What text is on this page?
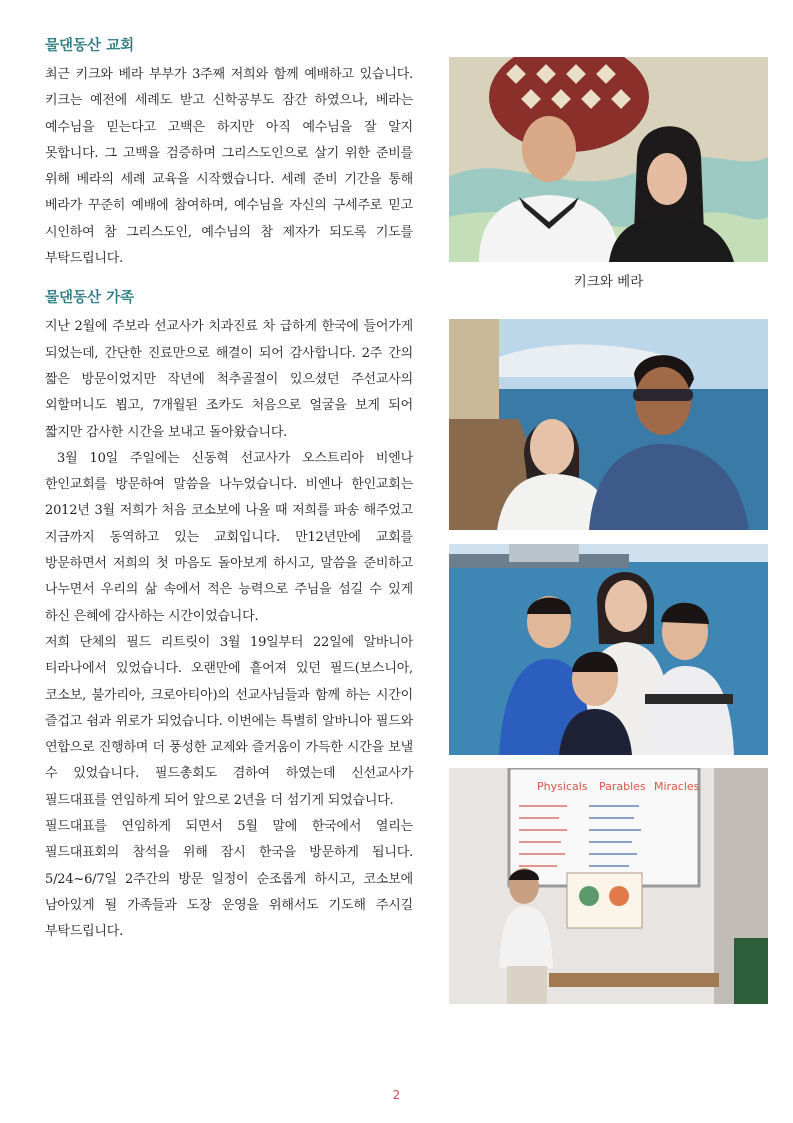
물댄동산 교회

최근 키크와 베라 부부가 3주째 저희와 함께 예배하고 있습니다. 키크는 예전에 세례도 받고 신학공부도 잠간 하였으나, 베라는 예수님을 믿는다고 고백은 하지만 아직 예수님을 잘 알지 못합니다. 그 고백을 검증하며 그리스도인으로 살기 위한 준비를 위해 베라의 세례 교육을 시작했습니다. 세례 준비 기간을 통해 베라가 꾸준히 예배에 참여하며, 예수님을 자신의 구세주로 믿고 시인하여 참 그리스도인, 예수님의 참 제자가 되도록 기도를 부탁드립니다.

물댄동산 가족

지난 2월에 주보라 선교사가 치과진료 차 급하게 한국에 들어가게 되었는데, 간단한 진료만으로 해결이 되어 감사합니다. 2주 간의 짧은 방문이었지만 작년에 척추골절이 있으셨던 주선교사의 외할머니도 뵙고, 7개월된 조카도 처음으로 얼굴을 보게 되어 짧지만 감사한 시간을 보내고 돌아왔습니다.

3월 10일 주일에는 신동혁 선교사가 오스트리아 비엔나 한인교회를 방문하여 말씀을 나누었습니다. 비엔나 한인교회는 2012년 3월 저희가 처음 코소보에 나올 때 저희를 파송 해주었고 지금까지 동역하고 있는 교회입니다. 만12년만에 교회를 방문하면서 저희의 첫 마음도 돌아보게 하시고, 말씀을 준비하고 나누면서 우리의 삶 속에서 적은 능력으로 주님을 섬길 수 있게 하신 은혜에 감사하는 시간이었습니다.

저희 단체의 필드 리트릿이 3월 19일부터 22일에 알바니아 티라나에서 있었습니다. 오랜만에 흩어져 있던 필드(보스니아, 코소보, 불가리아, 크로아티아)의 선교사님들과 함께 하는 시간이 즐겁고 쉼과 위로가 되었습니다. 이번에는 특별히 알바니아 필드와 연합으로 진행하며 더 풍성한 교제와 즐거움이 가득한 시간을 보낼 수 있었습니다. 필드총회도 겸하여 하였는데 신선교사가 필드대표를 연임하게 되어 앞으로 2년을 더 섬기게 되었습니다.

필드대표를 연임하게 되면서 5월 말에 한국에서 열리는 필드대표회의 참석을 위해 잠시 한국을 방문하게 됩니다. 5/24~6/7일 2주간의 방문 일정이 순조롭게 하시고, 코소보에 남아있게 될 가족들과 도장 운영을 위해서도 기도해 주시길 부탁드립니다.

키크와 베라
Physicals Parables Miracles
2
